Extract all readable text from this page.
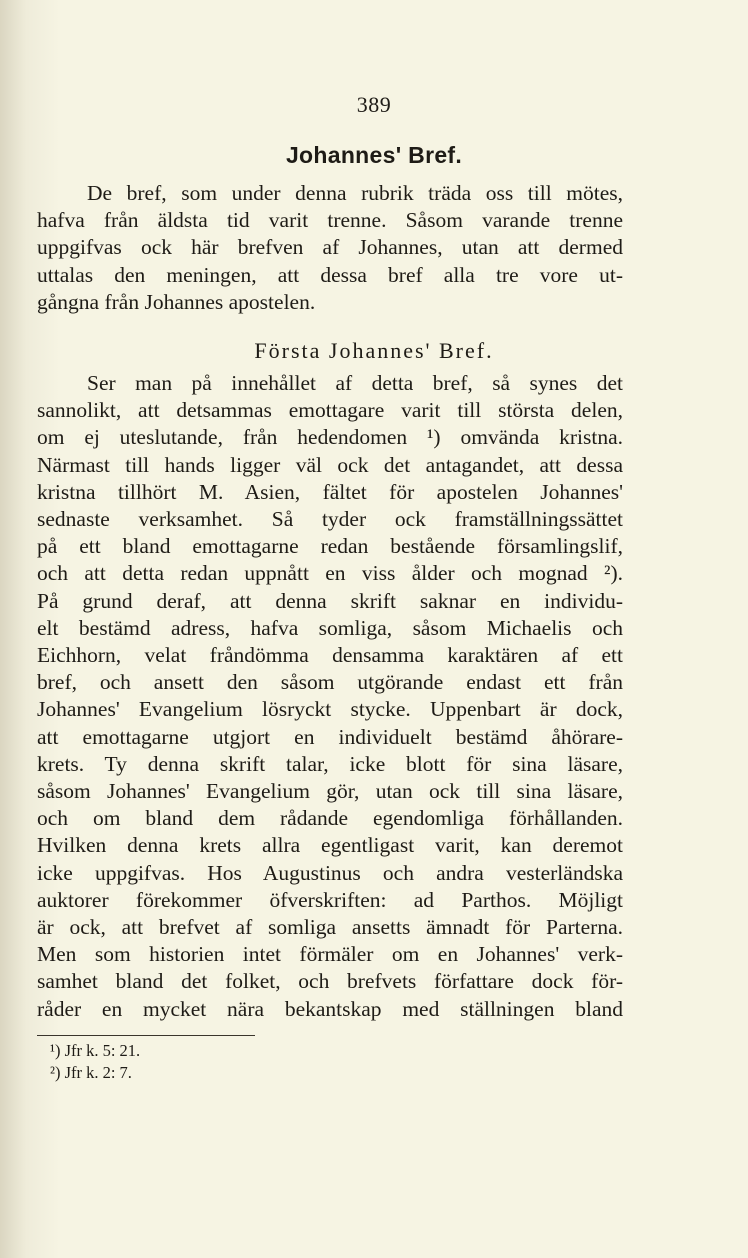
389
Johannes' Bref.
De bref, som under denna rubrik träda oss till mötes,
hafva från äldsta tid varit trenne. Såsom varande trenne
uppgifvas ock här brefven af Johannes, utan att dermed
uttalas den meningen, att dessa bref alla tre vore ut-
gångna från Johannes apostelen.
Första Johannes' Bref.
Ser man på innehållet af detta bref, så synes det
sannolikt, att detsammas emottagare varit till största delen,
om ej uteslutande, från hedendomen ¹) omvända kristna.
Närmast till hands ligger väl ock det antagandet, att dessa
kristna tillhört M. Asien, fältet för apostelen Johannes'
sednaste verksamhet. Så tyder ock framställningssättet
på ett bland emottagarne redan bestående församlingslif,
och att detta redan uppnått en viss ålder och mognad ²).
På grund deraf, att denna skrift saknar en individu-
elt bestämd adress, hafva somliga, såsom Michaelis och
Eichhorn, velat fråndömma densamma karaktären af ett
bref, och ansett den såsom utgörande endast ett från
Johannes' Evangelium lösryckt stycke. Uppenbart är dock,
att emottagarne utgjort en individuelt bestämd åhörare-
krets. Ty denna skrift talar, icke blott för sina läsare,
såsom Johannes' Evangelium gör, utan ock till sina läsare,
och om bland dem rådande egendomliga förhållanden.
Hvilken denna krets allra egentligast varit, kan deremot
icke uppgifvas. Hos Augustinus och andra vesterländska
auktorer förekommer öfverskriften: ad Parthos. Möjligt
är ock, att brefvet af somliga ansetts ämnadt för Parterna.
Men som historien intet förmäler om en Johannes' verk-
samhet bland det folket, och brefvets författare dock för-
råder en mycket nära bekantskap med ställningen bland
¹) Jfr k. 5: 21.
²) Jfr k. 2: 7.
